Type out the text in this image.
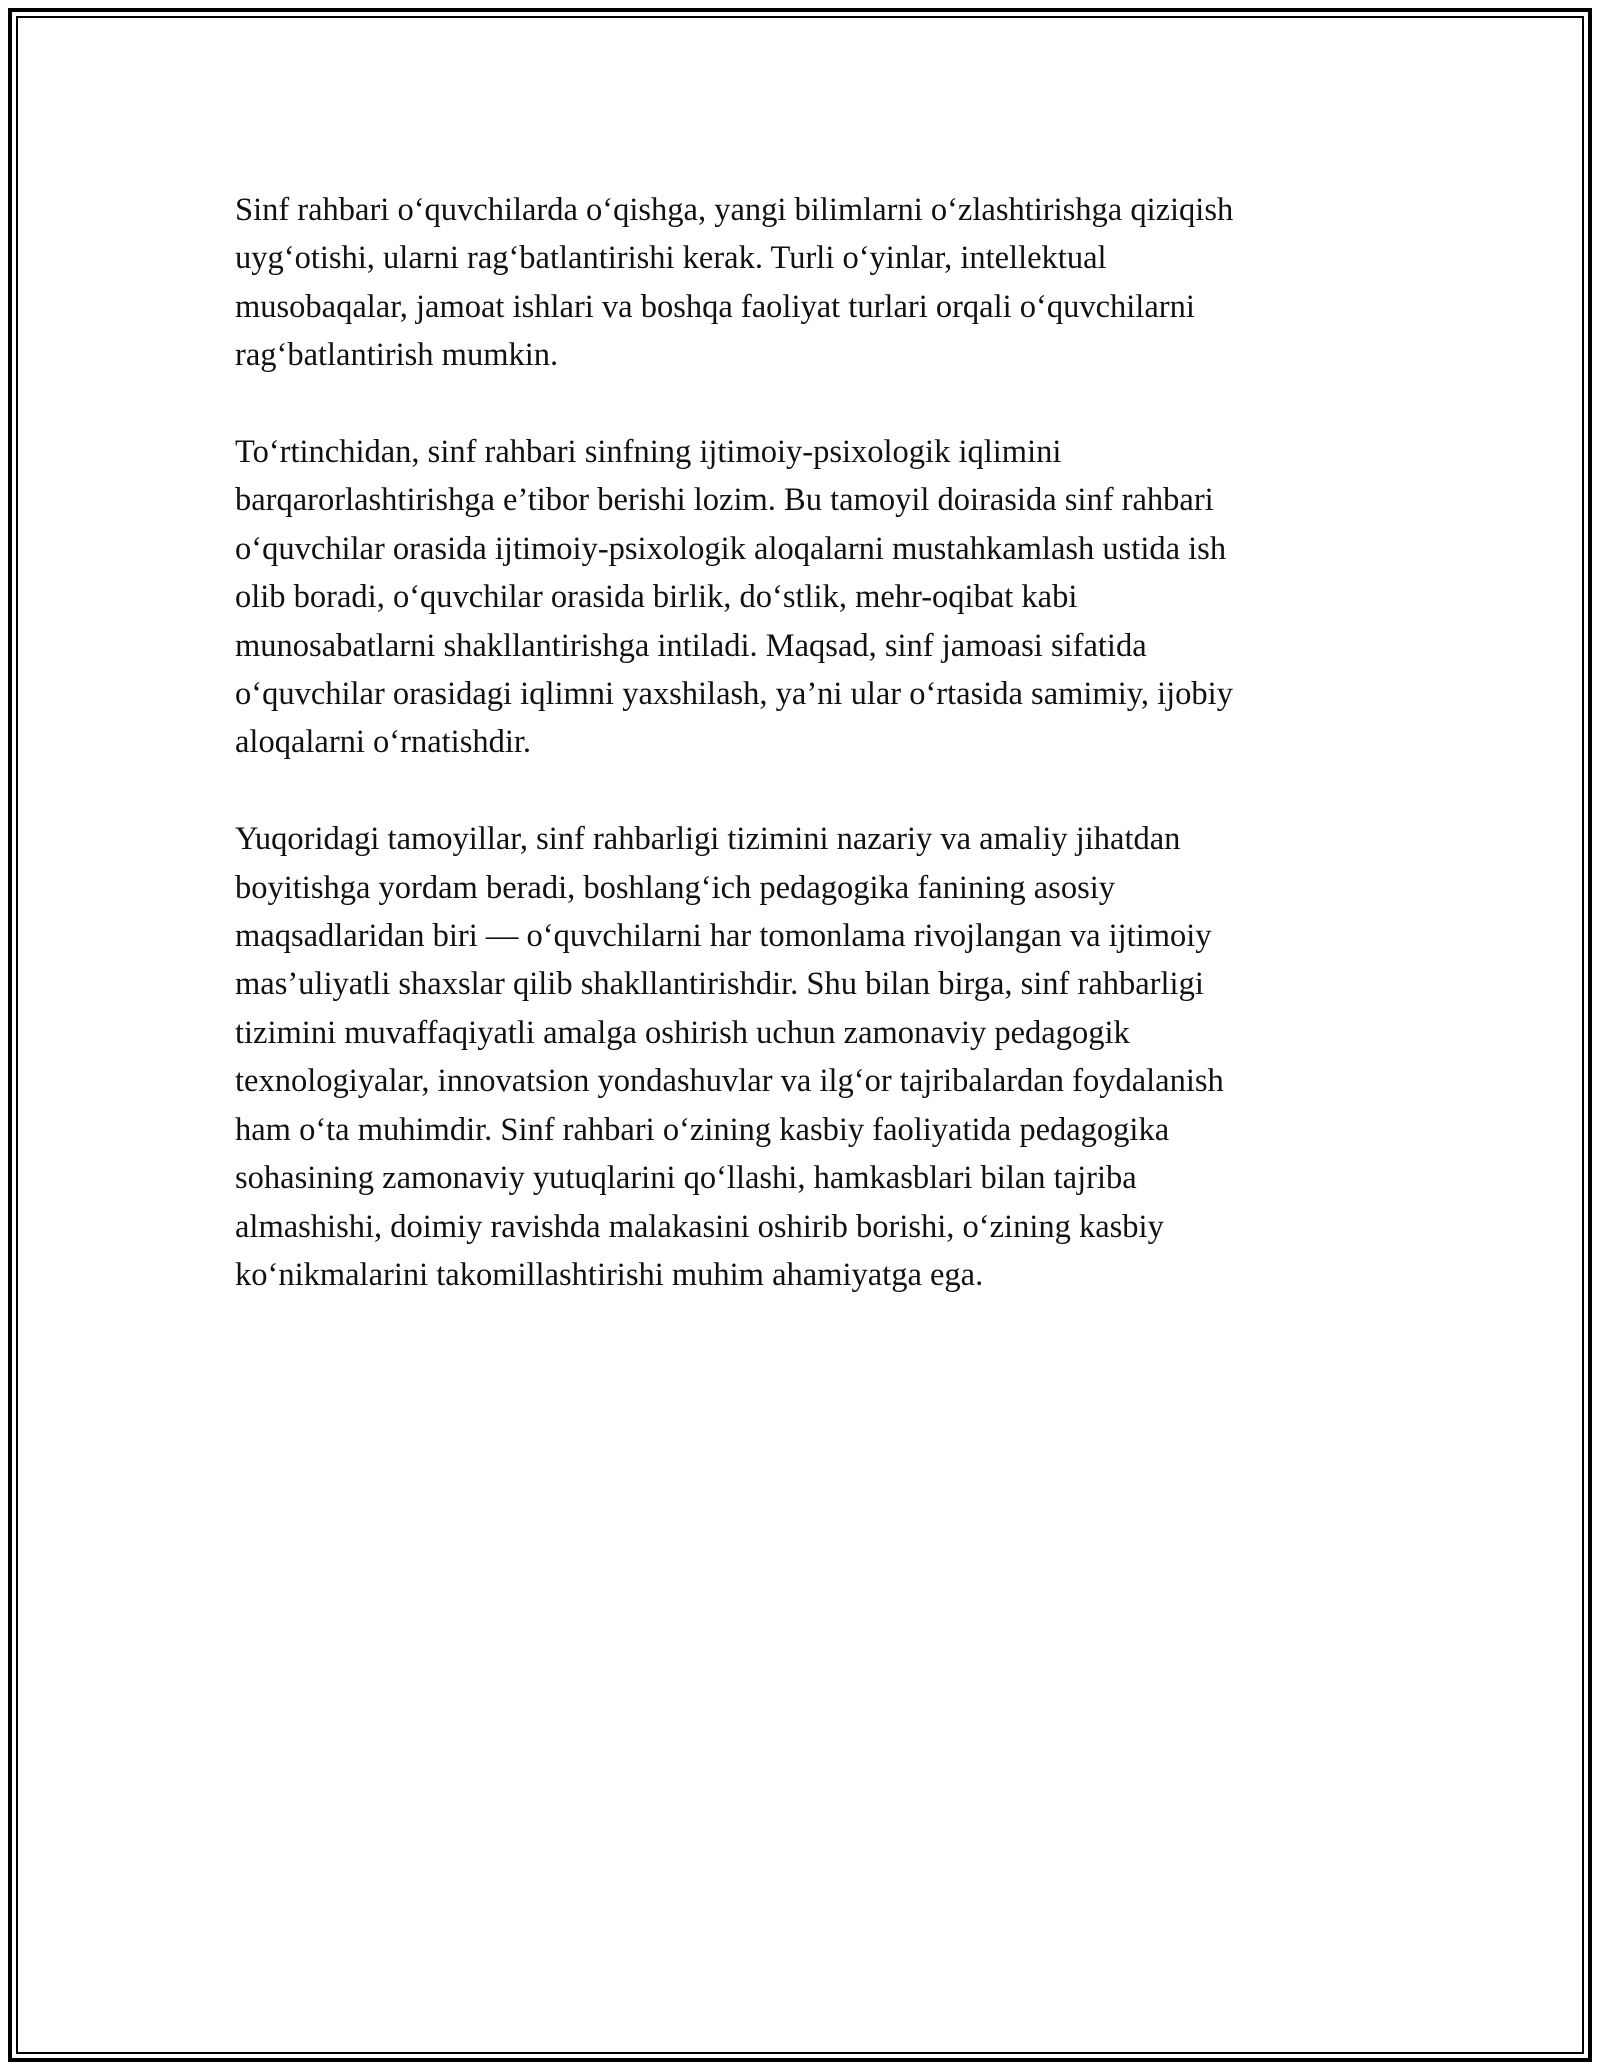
Sinf rahbari o‘quvchilarda o‘qishga, yangi bilimlarni o‘zlashtirishga qiziqish
uyg‘otishi, ularni rag‘batlantirishi kerak. Turli o‘yinlar, intellektual
musobaqalar, jamoat ishlari va boshqa faoliyat turlari orqali o‘quvchilarni
rag‘batlantirish mumkin.

To‘rtinchidan, sinf rahbari sinfning ijtimoiy-psixologik iqlimini
barqarorlashtirishga e’tibor berishi lozim. Bu tamoyil doirasida sinf rahbari
o‘quvchilar orasida ijtimoiy-psixologik aloqalarni mustahkamlash ustida ish
olib boradi, o‘quvchilar orasida birlik, do‘stlik, mehr-oqibat kabi
munosabatlarni shakllantirishga intiladi. Maqsad, sinf jamoasi sifatida
o‘quvchilar orasidagi iqlimni yaxshilash, ya’ni ular o‘rtasida samimiy, ijobiy
aloqalarni o‘rnatishdir.

Yuqoridagi tamoyillar, sinf rahbarligi tizimini nazariy va amaliy jihatdan
boyitishga yordam beradi, boshlang‘ich pedagogika fanining asosiy
maqsadlaridan biri — o‘quvchilarni har tomonlama rivojlangan va ijtimoiy
mas’uliyatli shaxslar qilib shakllantirishdir. Shu bilan birga, sinf rahbarligi
tizimini muvaffaqiyatli amalga oshirish uchun zamonaviy pedagogik
texnologiyalar, innovatsion yondashuvlar va ilg‘or tajribalardan foydalanish
ham o‘ta muhimdir. Sinf rahbari o‘zining kasbiy faoliyatida pedagogika
sohasining zamonaviy yutuqlarini qo‘llashi, hamkasblari bilan tajriba
almashishi, doimiy ravishda malakasini oshirib borishi, o‘zining kasbiy
ko‘nikmalarini takomillashtirishi muhim ahamiyatga ega.
